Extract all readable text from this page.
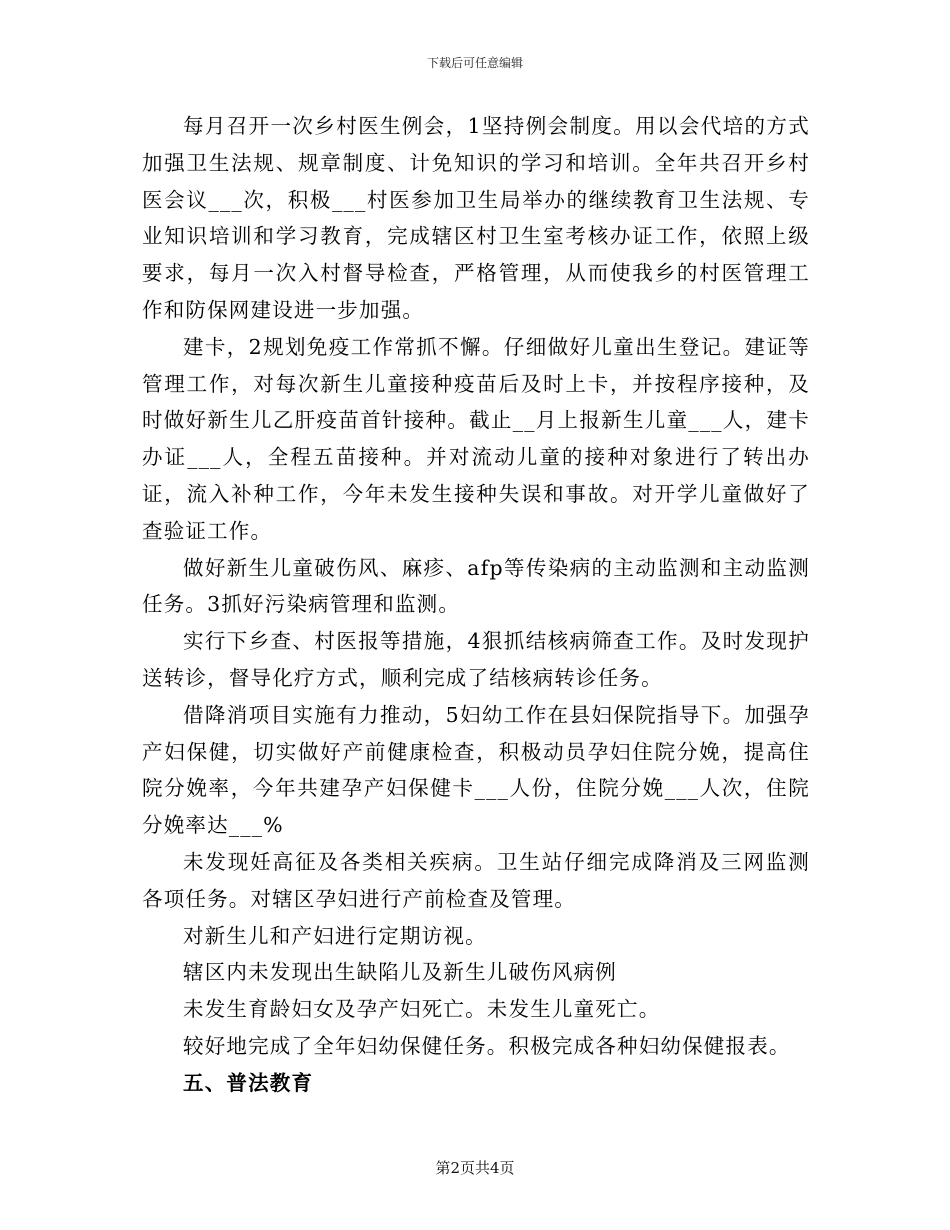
下载后可任意编辑

每月召开一次乡村医生例会，1坚持例会制度。用以会代培的方式加强卫生法规、规章制度、计免知识的学习和培训。全年共召开乡村医会议___次，积极___村医参加卫生局举办的继续教育卫生法规、专业知识培训和学习教育，完成辖区村卫生室考核办证工作，依照上级要求，每月一次入村督导检查，严格管理，从而使我乡的村医管理工作和防保网建设进一步加强。

建卡，2规划免疫工作常抓不懈。仔细做好儿童出生登记。建证等管理工作，对每次新生儿童接种疫苗后及时上卡，并按程序接种，及时做好新生儿乙肝疫苗首针接种。截止__月上报新生儿童___人，建卡办证___人，全程五苗接种。并对流动儿童的接种对象进行了转出办证，流入补种工作，今年未发生接种失误和事故。对开学儿童做好了查验证工作。

做好新生儿童破伤风、麻疹、afp等传染病的主动监测和主动监测任务。3抓好污染病管理和监测。

实行下乡查、村医报等措施，4狠抓结核病筛查工作。及时发现护送转诊，督导化疗方式，顺利完成了结核病转诊任务。

借降消项目实施有力推动，5妇幼工作在县妇保院指导下。加强孕产妇保健，切实做好产前健康检查，积极动员孕妇住院分娩，提高住院分娩率，今年共建孕产妇保健卡___人份，住院分娩___人次，住院分娩率达___%

未发现妊高征及各类相关疾病。卫生站仔细完成降消及三网监测各项任务。对辖区孕妇进行产前检查及管理。

对新生儿和产妇进行定期访视。

辖区内未发现出生缺陷儿及新生儿破伤风病例

未发生育龄妇女及孕产妇死亡。未发生儿童死亡。

较好地完成了全年妇幼保健任务。积极完成各种妇幼保健报表。

五、普法教育

第2页共4页
